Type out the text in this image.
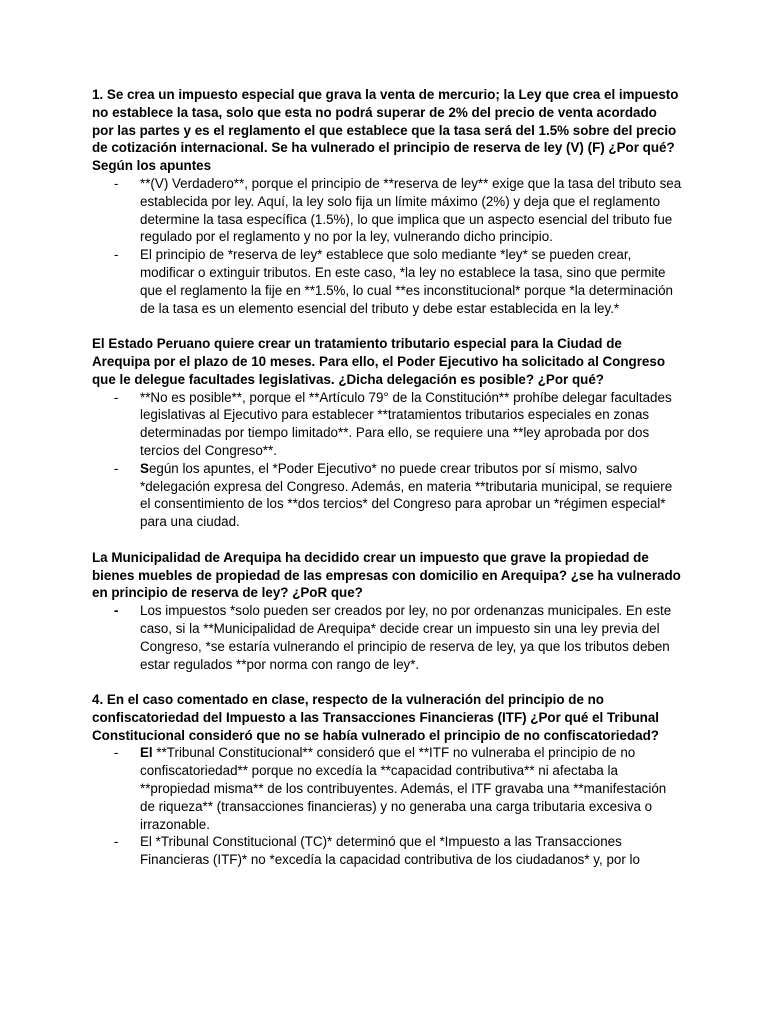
1. Se crea un impuesto especial que grava la venta de mercurio; la Ley que crea el impuesto no establece la tasa, solo que esta no podrá superar de 2% del precio de venta acordado por las partes y es el reglamento el que establece que la tasa será del 1.5% sobre del precio de cotización internacional. Se ha vulnerado el principio de reserva de ley (V) (F) ¿Por qué? Según los apuntes

- **(V) Verdadero**, porque el principio de **reserva de ley** exige que la tasa del tributo sea establecida por ley. Aquí, la ley solo fija un límite máximo (2%) y deja que el reglamento determine la tasa específica (1.5%), lo que implica que un aspecto esencial del tributo fue regulado por el reglamento y no por la ley, vulnerando dicho principio.
- El principio de *reserva de ley* establece que solo mediante *ley* se pueden crear, modificar o extinguir tributos. En este caso, *la ley no establece la tasa, sino que permite que el reglamento la fije en **1.5%, lo cual **es inconstitucional* porque *la determinación de la tasa es un elemento esencial del tributo y debe estar establecida en la ley.*

El Estado Peruano quiere crear un tratamiento tributario especial para la Ciudad de Arequipa por el plazo de 10 meses. Para ello, el Poder Ejecutivo ha solicitado al Congreso que le delegue facultades legislativas. ¿Dicha delegación es posible? ¿Por qué?

- **No es posible**, porque el **Artículo 79° de la Constitución** prohíbe delegar facultades legislativas al Ejecutivo para establecer **tratamientos tributarios especiales en zonas determinadas por tiempo limitado**. Para ello, se requiere una **ley aprobada por dos tercios del Congreso**.
- Según los apuntes, el *Poder Ejecutivo* no puede crear tributos por sí mismo, salvo *delegación expresa del Congreso. Además, en materia **tributaria municipal, se requiere el consentimiento de los **dos tercios* del Congreso para aprobar un *régimen especial* para una ciudad.

La Municipalidad de Arequipa ha decidido crear un impuesto que grave la propiedad de bienes muebles de propiedad de las empresas con domicilio en Arequipa? ¿se ha vulnerado en principio de reserva de ley? ¿PoR que?

- Los impuestos *solo pueden ser creados por ley, no por ordenanzas municipales. En este caso, si la **Municipalidad de Arequipa* decide crear un impuesto sin una ley previa del Congreso, *se estaría vulnerando el principio de reserva de ley, ya que los tributos deben estar regulados **por norma con rango de ley*.

4. En el caso comentado en clase, respecto de la vulneración del principio de no confiscatoriedad del Impuesto a las Transacciones Financieras (ITF) ¿Por qué el Tribunal Constitucional consideró que no se había vulnerado el principio de no confiscatoriedad?

- El **Tribunal Constitucional** consideró que el **ITF no vulneraba el principio de no confiscatoriedad** porque no excedía la **capacidad contributiva** ni afectaba la **propiedad misma** de los contribuyentes. Además, el ITF gravaba una **manifestación de riqueza** (transacciones financieras) y no generaba una carga tributaria excesiva o irrazonable.
- El *Tribunal Constitucional (TC)* determinó que el *Impuesto a las Transacciones Financieras (ITF)* no *excedía la capacidad contributiva de los ciudadanos* y, por lo
